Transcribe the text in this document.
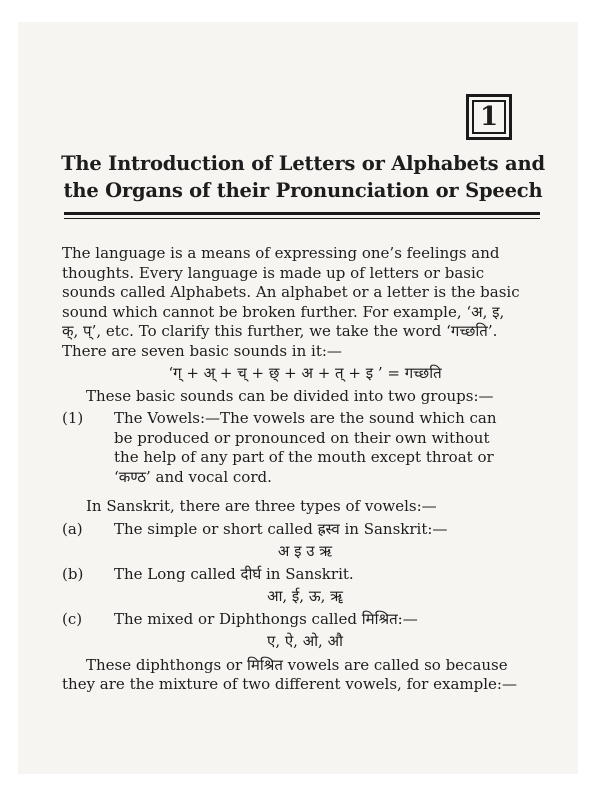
1
The Introduction of Letters or Alphabets and
the Organs of their Pronunciation or Speech
The language is a means of expressing one’s feelings and
thoughts. Every language is made up of letters or basic
sounds called Alphabets. An alphabet or a letter is the basic
sound which cannot be broken further. For example, ‘अ, इ,
क्, प्’, etc. To clarify this further, we take the word ‘गच्छति’.
There are seven basic sounds in it:—
‘ग् + अ् + च् + छ् + अ + त् + इ ’ = गच्छति
These basic sounds can be divided into two groups:—
(1)	The Vowels:—The vowels are the sound which can
be produced or pronounced on their own without
the help of any part of the mouth except throat or
‘कण्ठ’ and vocal cord.
In Sanskrit, there are three types of vowels:—
(a)	The simple or short called ह्रस्व in Sanskrit:—
अ इ उ ऋ
(b)	The Long called दीर्घ in Sanskrit.
आ, ई, ऊ, ॠ
(c)	The mixed or Diphthongs called मिश्रित:—
ए, ऐ, ओ, औ
These diphthongs or मिश्रित vowels are called so because
they are the mixture of two different vowels, for example:—
